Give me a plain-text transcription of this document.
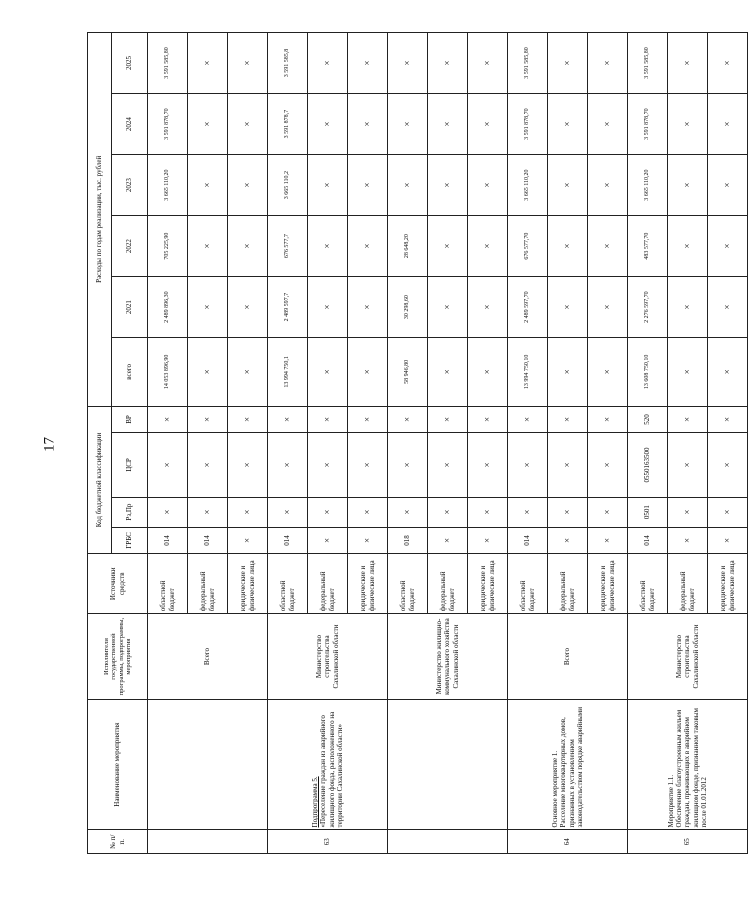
17
№ п/п.	Наименование мероприятия	Исполнители государственной программы, подпрограммы, мероприятия	Источники средств	Код бюджетной классификации				Расходы по годам реализации, тыс. рублей					
				ГРБС	Рз,Пр	ЦСР	ВР	всего	2021	2022	2023	2024	2025

	Всего	областной бюджет	014	×	×	×	14 053 896,90	2 489 896,30	705 225,90	3 665 110,20	3 591 878,70	3 591 585,80
			федеральный бюджет	014	×	×	×	×	×	×	×	×	×
			юридические и физические лица	×	×	×	×	×	×	×	×	×	×
63	Подпрограмма 5. «Переселение граждан из аварийного жилищного фонда, расположенного на территории Сахалинской области»	Министерство строительства Сахалинской области	областной бюджет	014	×	×	×	13 994 750,1	2 489 597,7	676 577,7	3 665 110,2	3 591 878,7	3 591 585,8
			федеральный бюджет	×	×	×	×	×	×	×	×	×	×
			юридические и физические лица	×	×	×	×	×	×	×	×	×	×

	Министерство жилищно-коммунального хозяйства Сахалинской области	областной бюджет	018	×	×	×	58 946,80	30 298,60	28 648,20	×	×	×
			федеральный бюджет	×	×	×	×	×	×	×	×	×	×
			юридические и физические лица	×	×	×	×	×	×	×	×	×	×
64	Основное мероприятие 1. Расселение многоквартирных домов, признанных в установленном законодательством порядке аварийными	Всего	областной бюджет	014	×	×	×	13 994 750,10	2 489 597,70	676 577,70	3 665 110,20	3 591 878,70	3 591 585,80
			федеральный бюджет	×	×	×	×	×	×	×	×	×	×
			юридические и физические лица	×	×	×	×	×	×	×	×	×	×
65	Мероприятие 1.1. Обеспечение благоустроенным жильем граждан, проживающих в аварийном жилищном фонде, признанном таковым после 01.01.2012	Министерство строительства Сахалинской области	областной бюджет	014	0501	0550163500	520	13 608 750,10	2 276 597,70	483 577,70	3 665 110,20	3 591 878,70	3 591 585,80
			федеральный бюджет	×	×	×	×	×	×	×	×	×	×
			юридические и физические лица	×	×	×	×	×	×	×	×	×	×
